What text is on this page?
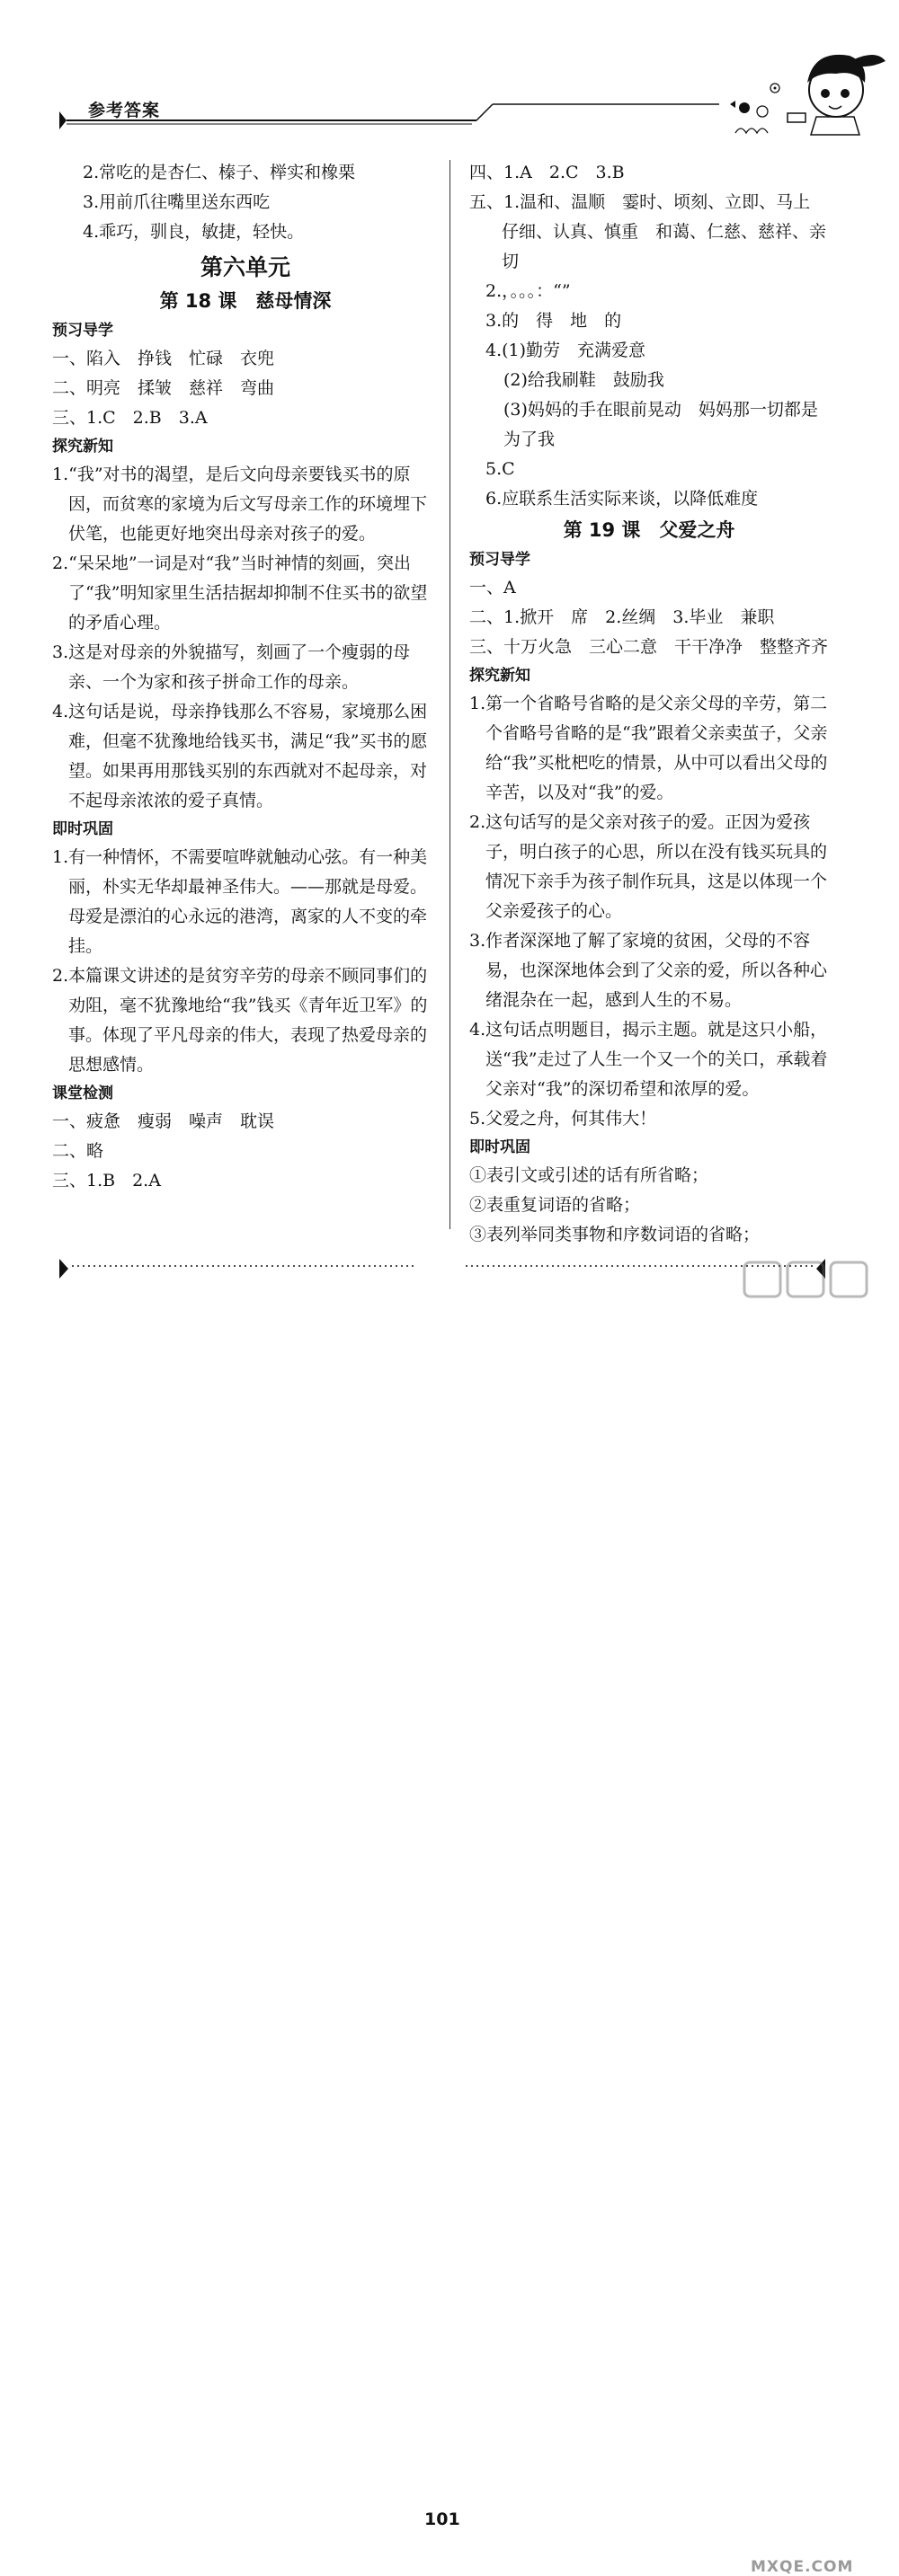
参考答案
2.常吃的是杏仁、榛子、榉实和橡栗
3.用前爪往嘴里送东西吃
4.乖巧，驯良，敏捷，轻快。
第六单元
第 18 课　慈母情深
预习导学
一、陷入　挣钱　忙碌　衣兜
二、明亮　揉皱　慈祥　弯曲
三、1.C　2.B　3.A
探究新知
1.“我”对书的渴望，是后文向母亲要钱买书的原因，而贫寒的家境为后文写母亲工作的环境埋下伏笔，也能更好地突出母亲对孩子的爱。
2.“呆呆地”一词是对“我”当时神情的刻画，突出了“我”明知家里生活拮据却抑制不住买书的欲望的矛盾心理。
3.这是对母亲的外貌描写，刻画了一个瘦弱的母亲、一个为家和孩子拼命工作的母亲。
4.这句话是说，母亲挣钱那么不容易，家境那么困难，但毫不犹豫地给钱买书，满足“我”买书的愿望。如果再用那钱买别的东西就对不起母亲，对不起母亲浓浓的爱子真情。
即时巩固
1.有一种情怀，不需要喧哗就触动心弦。有一种美丽，朴实无华却最神圣伟大。——那就是母爱。
母爱是漂泊的心永远的港湾，离家的人不变的牵挂。
2.本篇课文讲述的是贫穷辛劳的母亲不顾同事们的劝阻，毫不犹豫地给“我”钱买《青年近卫军》的事。体现了平凡母亲的伟大，表现了热爱母亲的思想感情。
课堂检测
一、疲惫　瘦弱　噪声　耽误
二、略
三、1.B　2.A
四、1.A　2.C　3.B
五、1.温和、温顺　霎时、顷刻、立即、马上　仔细、认真、慎重　和蔼、仁慈、慈祥、亲切
2.，。。。：“”
3.的　得　地　的
4.(1)勤劳　充满爱意
(2)给我刷鞋　鼓励我
(3)妈妈的手在眼前晃动　妈妈那一切都是为了我
5.C
6.应联系生活实际来谈，以降低难度
第 19 课　父爱之舟
预习导学
一、A
二、1.掀开　席　2.丝绸　3.毕业　兼职
三、十万火急　三心二意　干干净净　整整齐齐
探究新知
1.第一个省略号省略的是父亲父母的辛劳，第二个省略号省略的是“我”跟着父亲卖茧子，父亲给“我”买枇杷吃的情景，从中可以看出父母的辛苦，以及对“我”的爱。
2.这句话写的是父亲对孩子的爱。正因为爱孩子，明白孩子的心思，所以在没有钱买玩具的情况下亲手为孩子制作玩具，这是以体现一个父亲爱孩子的心。
3.作者深深地了解了家境的贫困，父母的不容易，也深深地体会到了父亲的爱，所以各种心绪混杂在一起，感到人生的不易。
4.这句话点明题目，揭示主题。就是这只小船，送“我”走过了人生一个又一个的关口，承载着父亲对“我”的深切希望和浓厚的爱。
5.父爱之舟，何其伟大！
即时巩固
①表引文或引述的话有所省略；
②表重复词语的省略；
③表列举同类事物和序数词语的省略；
101
MXQE.COM
